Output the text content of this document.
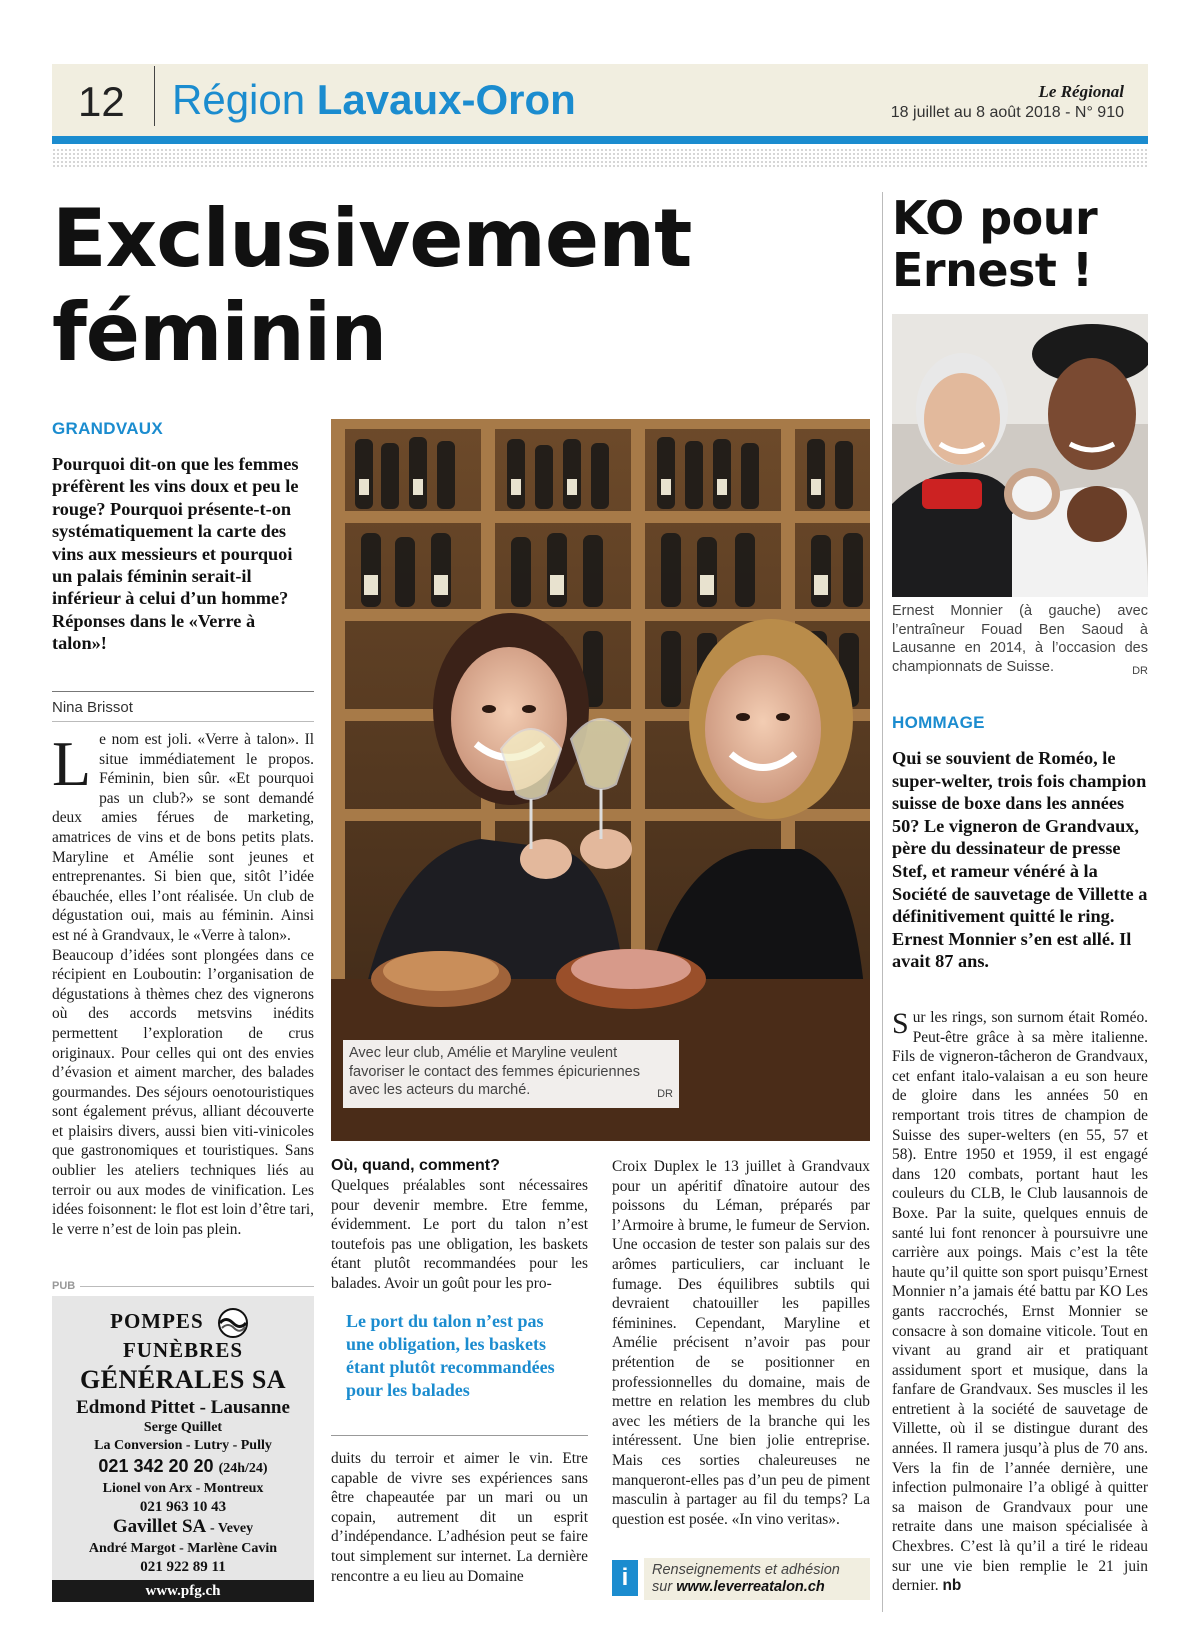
12 Région Lavaux-Oron	Le Régional
18 juillet au 8 août 2018 - N° 910
Exclusivement
féminin
GRANDVAUX
Pourquoi dit-on que les femmes préfèrent les vins doux et peu le rouge? Pourquoi présente-t-on systématiquement la carte des vins aux messieurs et pourquoi un palais féminin serait-il inférieur à celui d’un homme? Réponses dans le «Verre à talon»!
Nina Brissot
L e nom est joli. «Verre à talon». Il situe immédiatement le propos. Féminin, bien sûr. «Et pourquoi pas un club?» se sont demandé deux amies férues de marketing, amatrices de vins et de bons petits plats. Maryline et Amélie sont jeunes et entreprenantes. Si bien que, sitôt l’idée ébauchée, elles l’ont réalisée. Un club de dégustation oui, mais au féminin. Ainsi est né à Grandvaux, le «Verre à talon».
Beaucoup d’idées sont plongées dans ce récipient en Louboutin: l’organisation de dégustations à thèmes chez des vignerons où des accords metsvins inédits permettent l’exploration de crus originaux. Pour celles qui ont des envies d’évasion et aiment marcher, des balades gourmandes. Des séjours oenotouristiques sont également prévus, alliant découverte et plaisirs divers, aussi bien viti-vinicoles que gastronomiques et touristiques. Sans oublier les ateliers techniques liés au terroir ou aux modes de vinification. Les idées foisonnent: le flot est loin d’être tari, le verre n’est de loin pas plein.
Avec leur club, Amélie et Maryline veulent favoriser le contact des femmes épicuriennes avec les acteurs du marché.	DR
Où, quand, comment?
Quelques préalables sont nécessaires pour devenir membre. Etre femme, évidemment. Le port du talon n’est toutefois pas une obligation, les baskets étant plutôt recommandées pour les balades. Avoir un goût pour les pro-
Le port du talon n’est pas une obligation, les baskets étant plutôt recommandées pour les balades
duits du terroir et aimer le vin. Etre capable de vivre ses expériences sans être chapeautée par un mari ou un copain, autrement dit un esprit d’indépendance. L’adhésion peut se faire tout simplement sur internet. La dernière rencontre a eu lieu au Domaine
Croix Duplex le 13 juillet à Grandvaux pour un apéritif dînatoire autour des poissons du Léman, préparés par l’Armoire à brume, le fumeur de Servion. Une occasion de tester son palais sur des arômes particuliers, car incluant le fumage. Des équilibres subtils qui devraient chatouiller les papilles féminines. Cependant, Maryline et Amélie précisent n’avoir pas pour prétention de se positionner en professionnelles du domaine, mais de mettre en relation les membres du club avec les métiers de la branche qui les intéressent. Une bien jolie entreprise. Mais ces sorties chaleureuses ne manqueront-elles pas d’un peu de piment masculin à partager au fil du temps? La question est posée. «In vino veritas».
i	Renseignements et adhésion
sur www.leverreatalon.ch
KO pour
Ernest !
Ernest Monnier (à gauche) avec l’entraîneur Fouad Ben Saoud à Lausanne en 2014, à l’occasion des championnats de Suisse.	DR
HOMMAGE
Qui se souvient de Roméo, le super-welter, trois fois champion suisse de boxe dans les années 50? Le vigneron de Grandvaux, père du dessinateur de presse Stef, et rameur vénéré à la Société de sauvetage de Villette a définitivement quitté le ring. Ernest Monnier s’en est allé. Il avait 87 ans.
Sur les rings, son surnom était Roméo. Peut-être grâce à sa mère italienne. Fils de vigneron-tâcheron de Grandvaux, cet enfant italo-valaisan a eu son heure de gloire dans les années 50 en remportant trois titres de champion de Suisse des super-welters (en 55, 57 et 58). Entre 1950 et 1959, il est engagé dans 120 combats, portant haut les couleurs du CLB, le Club lausannois de Boxe. Par la suite, quelques ennuis de santé lui font renoncer à poursuivre une carrière aux poings. Mais c’est la tête haute qu’il quitte son sport puisqu’Ernest Monnier n’a jamais été battu par KO Les gants raccrochés, Ernst Monnier se consacre à son domaine viticole. Tout en vivant au grand air et pratiquant assidument sport et musique, dans la fanfare de Grandvaux. Ses muscles il les entretient à la société de sauvetage de Villette, où il se distingue durant des années. Il ramera jusqu’à plus de 70 ans. Vers la fin de l’année dernière, une infection pulmonaire l’a obligé à quitter sa maison de Grandvaux pour une retraite dans une maison spécialisée à Chexbres. C’est là qu’il a tiré le rideau sur une vie bien remplie le 21 juin dernier. nb
PUB
POMPES  FUNÈBRES
GÉNÉRALES SA
Edmond Pittet - Lausanne
Serge Quillet
La Conversion - Lutry - Pully
021 342 20 20 (24h/24)
Lionel von Arx - Montreux
021 963 10 43
Gavillet SA - Vevey
André Margot - Marlène Cavin
021 922 89 11
www.pfg.ch
